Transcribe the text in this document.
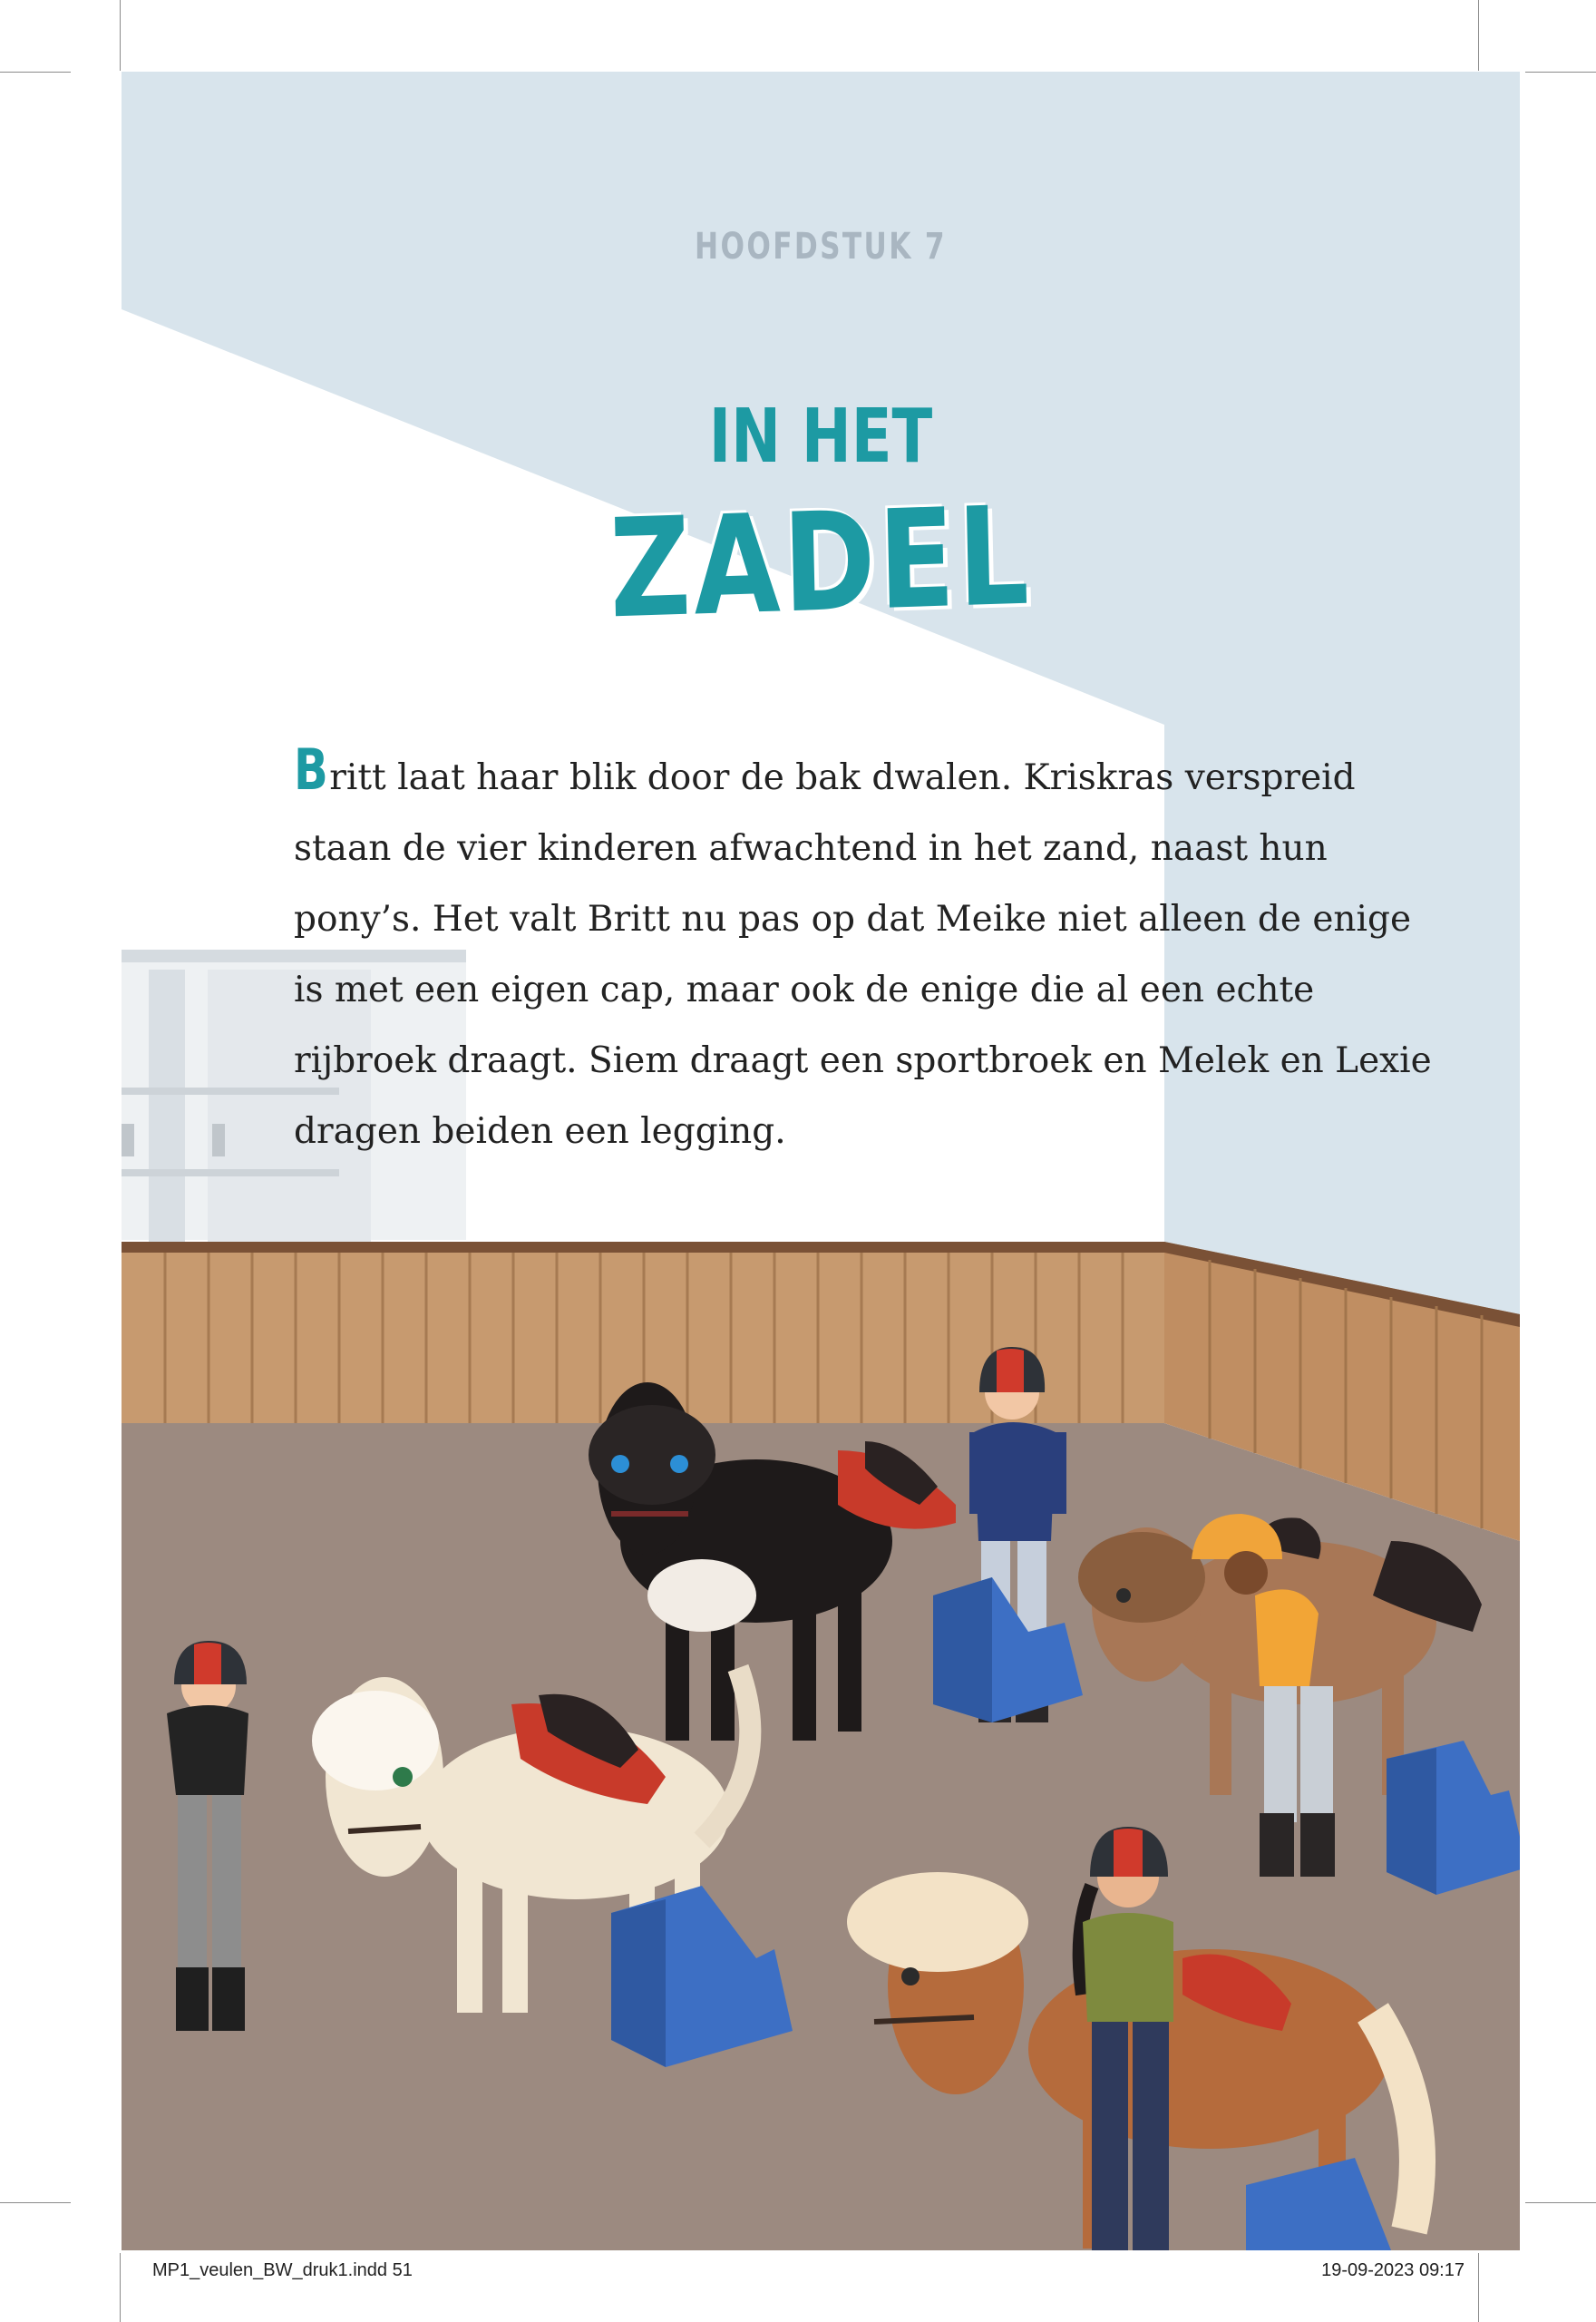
HOOFDSTUK 7
IN HET
ZADEL

Britt laat haar blik door de bak dwalen. Kriskras verspreid staan de vier kinderen afwachtend in het zand, naast hun pony’s. Het valt Britt nu pas op dat Meike niet alleen de enige is met een eigen cap, maar ook de enige die al een echte rijbroek draagt. Siem draagt een sportbroek en Melek en Lexie dragen beiden een legging.

MP1_veulen_BW_druk1.indd 51	19-09-2023 09:17
